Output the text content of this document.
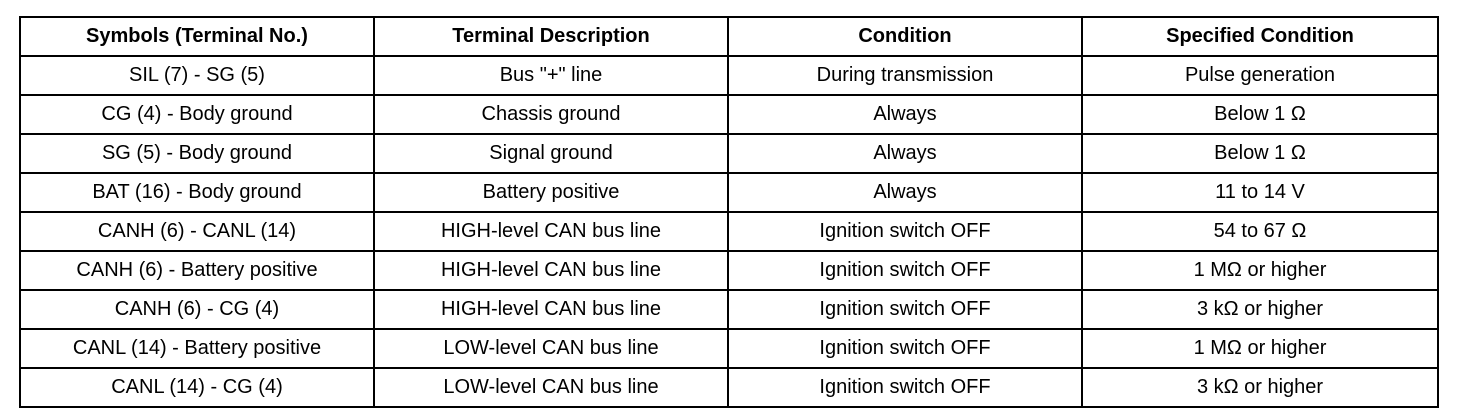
Symbols (Terminal No.)	Terminal Description	Condition	Specified Condition
SIL (7) - SG (5)	Bus "+" line	During transmission	Pulse generation
CG (4) - Body ground	Chassis ground	Always	Below 1 Ω
SG (5) - Body ground	Signal ground	Always	Below 1 Ω
BAT (16) - Body ground	Battery positive	Always	11 to 14 V
CANH (6) - CANL (14)	HIGH-level CAN bus line	Ignition switch OFF	54 to 67 Ω
CANH (6) - Battery positive	HIGH-level CAN bus line	Ignition switch OFF	1 MΩ or higher
CANH (6) - CG (4)	HIGH-level CAN bus line	Ignition switch OFF	3 kΩ or higher
CANL (14) - Battery positive	LOW-level CAN bus line	Ignition switch OFF	1 MΩ or higher
CANL (14) - CG (4)	LOW-level CAN bus line	Ignition switch OFF	3 kΩ or higher
